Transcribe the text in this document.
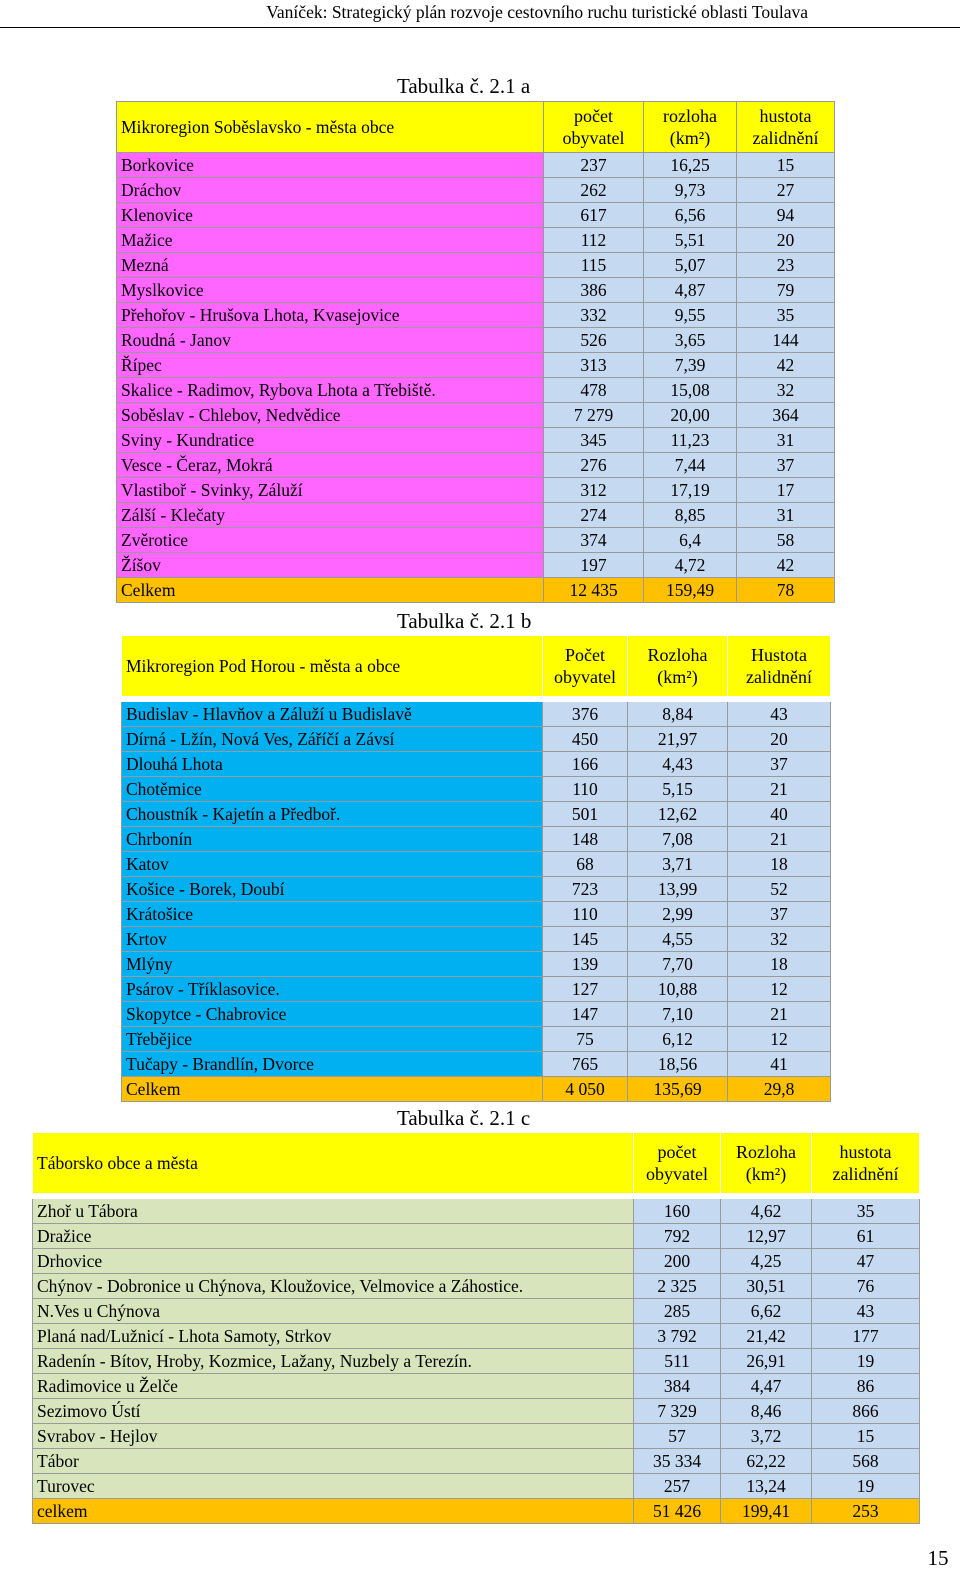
Vaníček: Strategický plán rozvoje cestovního ruchu turistické oblasti Toulava
Tabulka č. 2.1 a
Mikroregion Soběslavsko - města obce	počet obyvatel	rozloha (km²)	hustota zalidnění
Borkovice	237	16,25	15
Dráchov	262	9,73	27
Klenovice	617	6,56	94
Mažice	112	5,51	20
Mezná	115	5,07	23
Myslkovice	386	4,87	79
Přehořov - Hrušova Lhota, Kvasejovice	332	9,55	35
Roudná - Janov	526	3,65	144
Řípec	313	7,39	42
Skalice - Radimov, Rybova Lhota a Třebiště.	478	15,08	32
Soběslav - Chlebov, Nedvědice	7 279	20,00	364
Sviny - Kundratice	345	11,23	31
Vesce - Čeraz, Mokrá	276	7,44	37
Vlastiboř - Svinky, Záluží	312	17,19	17
Zálší - Klečaty	274	8,85	31
Zvěrotice	374	6,4	58
Žíšov	197	4,72	42
Celkem	12 435	159,49	78
Tabulka č. 2.1 b
Mikroregion Pod Horou - města a obce	Počet obyvatel	Rozloha (km²)	Hustota zalidnění
Budislav - Hlavňov a Záluží u Budislavě	376	8,84	43
Dírná - Lžín, Nová Ves, Záříčí a Závsí	450	21,97	20
Dlouhá Lhota	166	4,43	37
Chotěmice	110	5,15	21
Choustník - Kajetín a Předboř.	501	12,62	40
Chrbonín	148	7,08	21
Katov	68	3,71	18
Košice - Borek, Doubí	723	13,99	52
Krátošice	110	2,99	37
Krtov	145	4,55	32
Mlýny	139	7,70	18
Psárov - Tříklasovice.	127	10,88	12
Skopytce - Chabrovice	147	7,10	21
Třebějice	75	6,12	12
Tučapy - Brandlín, Dvorce	765	18,56	41
Celkem	4 050	135,69	29,8
Tabulka č. 2.1 c
Táborsko obce a města	počet obyvatel	Rozloha (km²)	hustota zalidnění
Zhoř u Tábora	160	4,62	35
Dražice	792	12,97	61
Drhovice	200	4,25	47
Chýnov - Dobronice u Chýnova, Kloužovice, Velmovice a Záhostice.	2 325	30,51	76
N.Ves u Chýnova	285	6,62	43
Planá nad/Lužnicí - Lhota Samoty, Strkov	3 792	21,42	177
Radenín - Bítov, Hroby, Kozmice, Lažany, Nuzbely a Terezín.	511	26,91	19
Radimovice u Želče	384	4,47	86
Sezimovo Ústí	7 329	8,46	866
Svrabov - Hejlov	57	3,72	15
Tábor	35 334	62,22	568
Turovec	257	13,24	19
celkem	51 426	199,41	253
15
